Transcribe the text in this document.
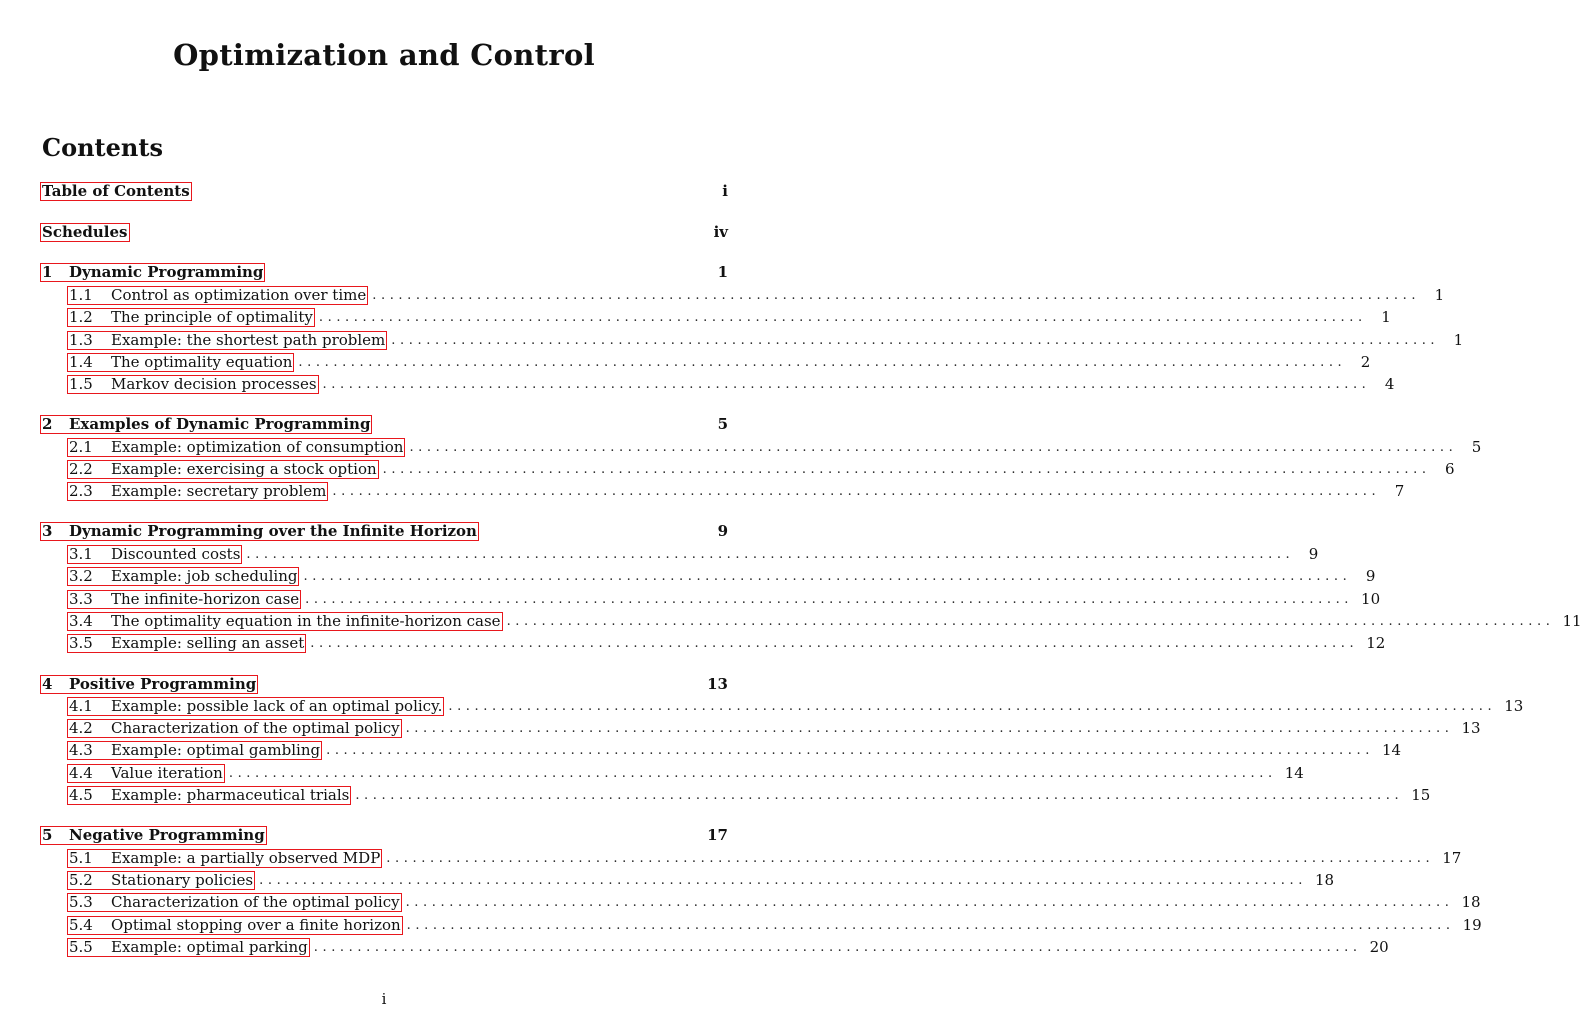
Optimization and Control
Contents
Table of Contents	i
Schedules	iv
1	Dynamic Programming	1
1.1	Control as optimization over time ........................................................................................................................ 1
1.2	The principle of optimality ........................................................................................................................ 1
1.3	Example: the shortest path problem ........................................................................................................................ 1
1.4	The optimality equation ........................................................................................................................ 2
1.5	Markov decision processes ........................................................................................................................ 4
2	Examples of Dynamic Programming	5
2.1	Example: optimization of consumption ........................................................................................................................ 5
2.2	Example: exercising a stock option ........................................................................................................................ 6
2.3	Example: secretary problem ........................................................................................................................ 7
3	Dynamic Programming over the Infinite Horizon	9
3.1	Discounted costs ........................................................................................................................ 9
3.2	Example: job scheduling ........................................................................................................................ 9
3.3	The infinite-horizon case ........................................................................................................................ 10
3.4	The optimality equation in the infinite-horizon case ........................................................................................................................ 11
3.5	Example: selling an asset ........................................................................................................................ 12
4	Positive Programming	13
4.1	Example: possible lack of an optimal policy. ........................................................................................................................ 13
4.2	Characterization of the optimal policy ........................................................................................................................ 13
4.3	Example: optimal gambling ........................................................................................................................ 14
4.4	Value iteration ........................................................................................................................ 14
4.5	Example: pharmaceutical trials ........................................................................................................................ 15
5	Negative Programming	17
5.1	Example: a partially observed MDP ........................................................................................................................ 17
5.2	Stationary policies ........................................................................................................................ 18
5.3	Characterization of the optimal policy ........................................................................................................................ 18
5.4	Optimal stopping over a finite horizon ........................................................................................................................ 19
5.5	Example: optimal parking ........................................................................................................................ 20
i
